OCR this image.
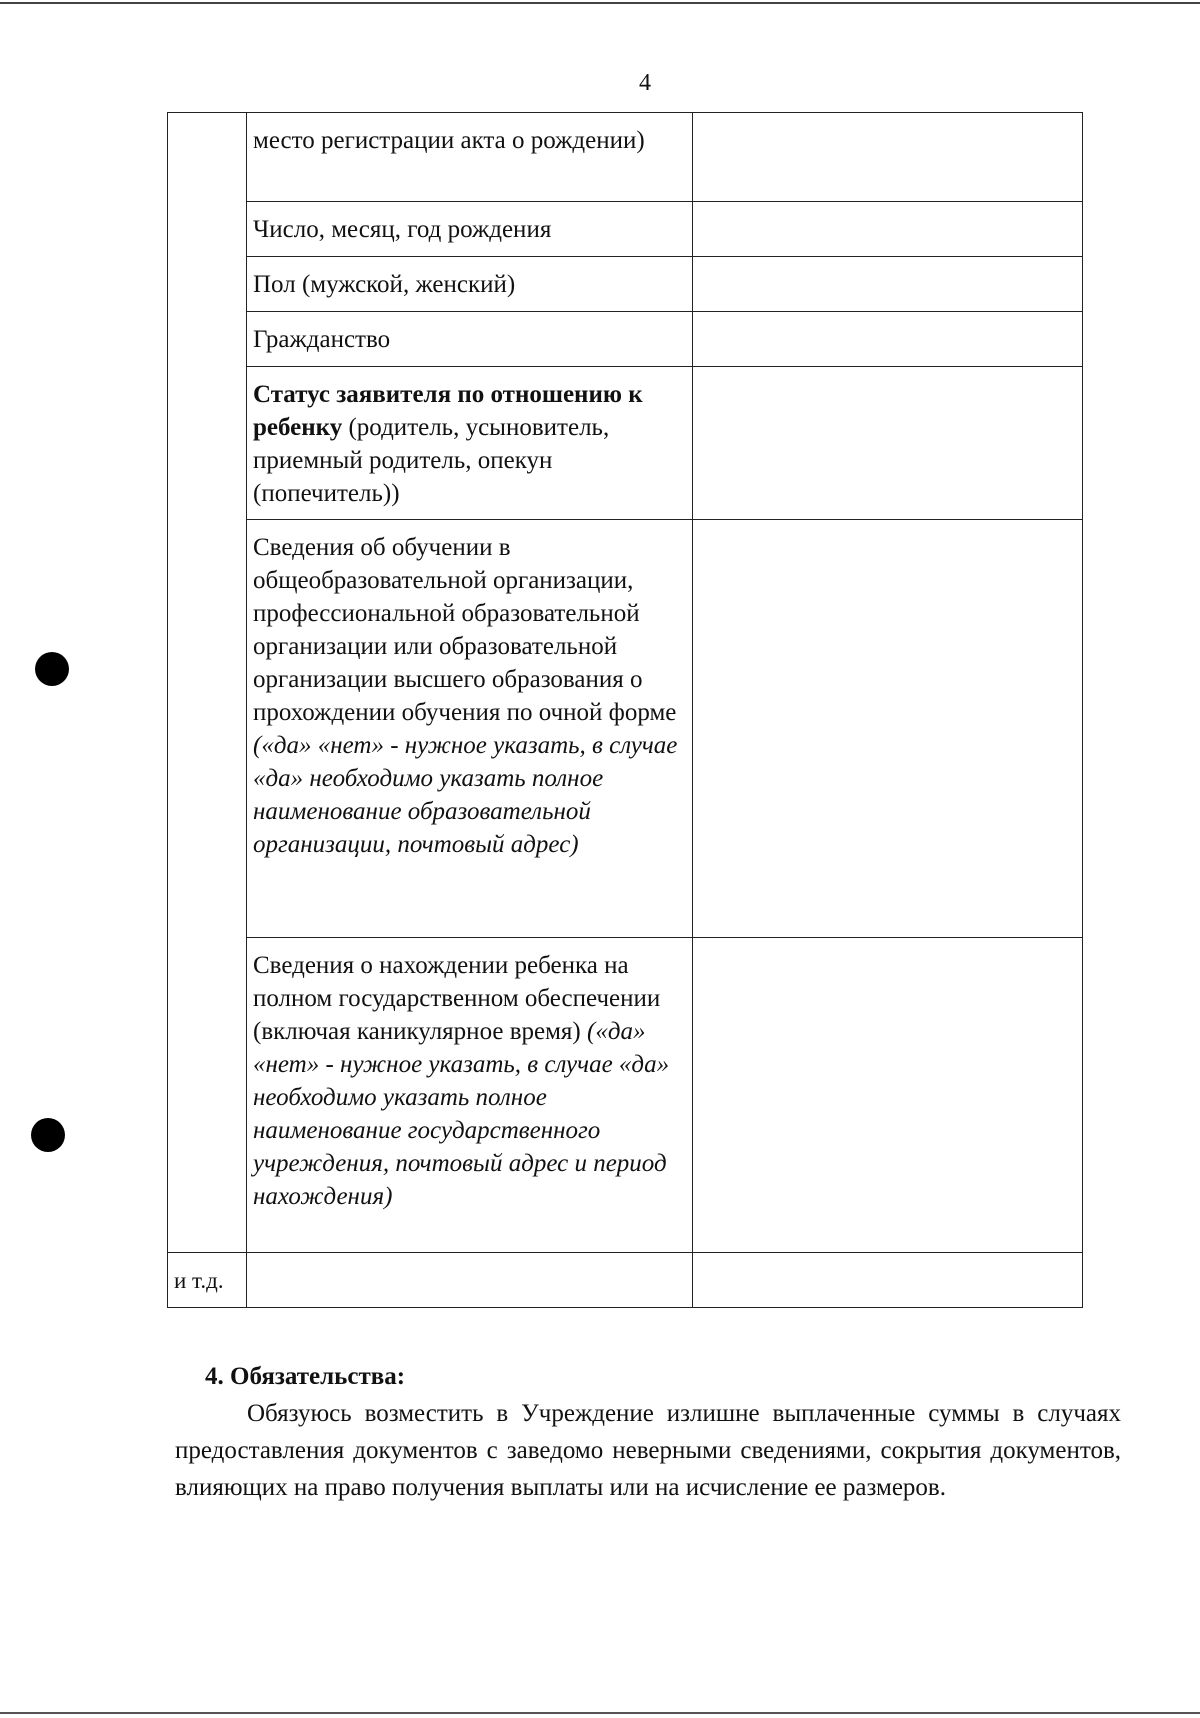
4
	место регистрации акта о рождении)	
	Число, месяц, год рождения	
	Пол (мужской, женский)	
	Гражданство	
	Статус заявителя по отношению к ребенку (родитель, усыновитель, приемный родитель, опекун (попечитель))	
	Сведения об обучении в общеобразовательной организации, профессиональной образовательной организации или образовательной организации высшего образования о прохождении обучения по очной форме («да» «нет» - нужное указать, в случае «да» необходимо указать полное наименование образовательной организации, почтовый адрес)	
	Сведения о нахождении ребенка на полном государственном обеспечении (включая каникулярное время) («да» «нет» - нужное указать, в случае «да» необходимо указать полное наименование государственного учреждения, почтовый адрес и период нахождения)	
и т.д.		

4. Обязательства:

Обязуюсь возместить в Учреждение излишне выплаченные суммы в случаях предоставления документов с заведомо неверными сведениями, сокрытия документов, влияющих на право получения выплаты или на исчисление ее размеров.
